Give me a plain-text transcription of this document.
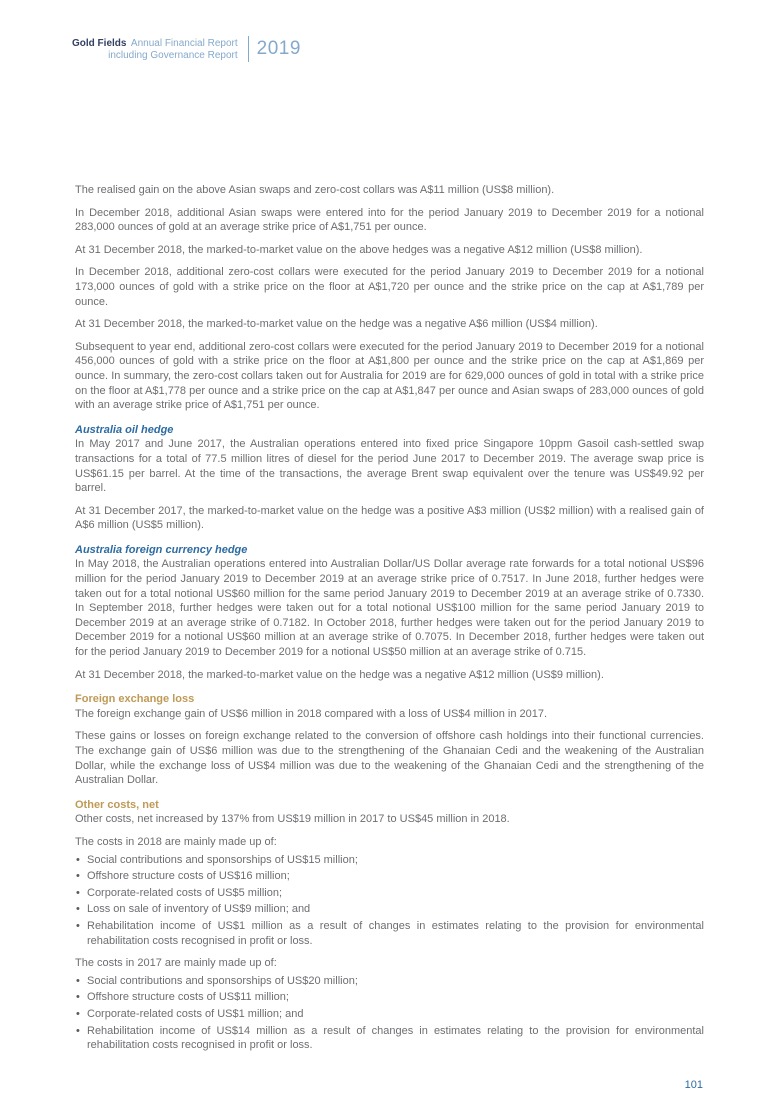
Gold Fields Annual Financial Report
including Governance Report 2019

The realised gain on the above Asian swaps and zero-cost collars was A$11 million (US$8 million).

In December 2018, additional Asian swaps were entered into for the period January 2019 to December 2019 for a notional 283,000 ounces of gold at an average strike price of A$1,751 per ounce.

At 31 December 2018, the marked-to-market value on the above hedges was a negative A$12 million (US$8 million).

In December 2018, additional zero-cost collars were executed for the period January 2019 to December 2019 for a notional 173,000 ounces of gold with a strike price on the floor at A$1,720 per ounce and the strike price on the cap at A$1,789 per ounce.

At 31 December 2018, the marked-to-market value on the hedge was a negative A$6 million (US$4 million).

Subsequent to year end, additional zero-cost collars were executed for the period January 2019 to December 2019 for a notional 456,000 ounces of gold with a strike price on the floor at A$1,800 per ounce and the strike price on the cap at A$1,869 per ounce. In summary, the zero-cost collars taken out for Australia for 2019 are for 629,000 ounces of gold in total with a strike price on the floor at A$1,778 per ounce and a strike price on the cap at A$1,847 per ounce and Asian swaps of 283,000 ounces of gold with an average strike price of A$1,751 per ounce.

Australia oil hedge

In May 2017 and June 2017, the Australian operations entered into fixed price Singapore 10ppm Gasoil cash-settled swap transactions for a total of 77.5 million litres of diesel for the period June 2017 to December 2019. The average swap price is US$61.15 per barrel. At the time of the transactions, the average Brent swap equivalent over the tenure was US$49.92 per barrel.

At 31 December 2017, the marked-to-market value on the hedge was a positive A$3 million (US$2 million) with a realised gain of A$6 million (US$5 million).

Australia foreign currency hedge

In May 2018, the Australian operations entered into Australian Dollar/US Dollar average rate forwards for a total notional US$96 million for the period January 2019 to December 2019 at an average strike price of 0.7517. In June 2018, further hedges were taken out for a total notional US$60 million for the same period January 2019 to December 2019 at an average strike of 0.7330. In September 2018, further hedges were taken out for a total notional US$100 million for the same period January 2019 to December 2019 at an average strike of 0.7182. In October 2018, further hedges were taken out for the period January 2019 to December 2019 for a notional US$60 million at an average strike of 0.7075. In December 2018, further hedges were taken out for the period January 2019 to December 2019 for a notional US$50 million at an average strike of 0.715.

At 31 December 2018, the marked-to-market value on the hedge was a negative A$12 million (US$9 million).

Foreign exchange loss

The foreign exchange gain of US$6 million in 2018 compared with a loss of US$4 million in 2017.

These gains or losses on foreign exchange related to the conversion of offshore cash holdings into their functional currencies. The exchange gain of US$6 million was due to the strengthening of the Ghanaian Cedi and the weakening of the Australian Dollar, while the exchange loss of US$4 million was due to the weakening of the Ghanaian Cedi and the strengthening of the Australian Dollar.

Other costs, net

Other costs, net increased by 137% from US$19 million in 2017 to US$45 million in 2018.

The costs in 2018 are mainly made up of:

• Social contributions and sponsorships of US$15 million;
• Offshore structure costs of US$16 million;
• Corporate-related costs of US$5 million;
• Loss on sale of inventory of US$9 million; and
• Rehabilitation income of US$1 million as a result of changes in estimates relating to the provision for environmental rehabilitation costs recognised in profit or loss.

The costs in 2017 are mainly made up of:

• Social contributions and sponsorships of US$20 million;
• Offshore structure costs of US$11 million;
• Corporate-related costs of US$1 million; and
• Rehabilitation income of US$14 million as a result of changes in estimates relating to the provision for environmental rehabilitation costs recognised in profit or loss.
101
